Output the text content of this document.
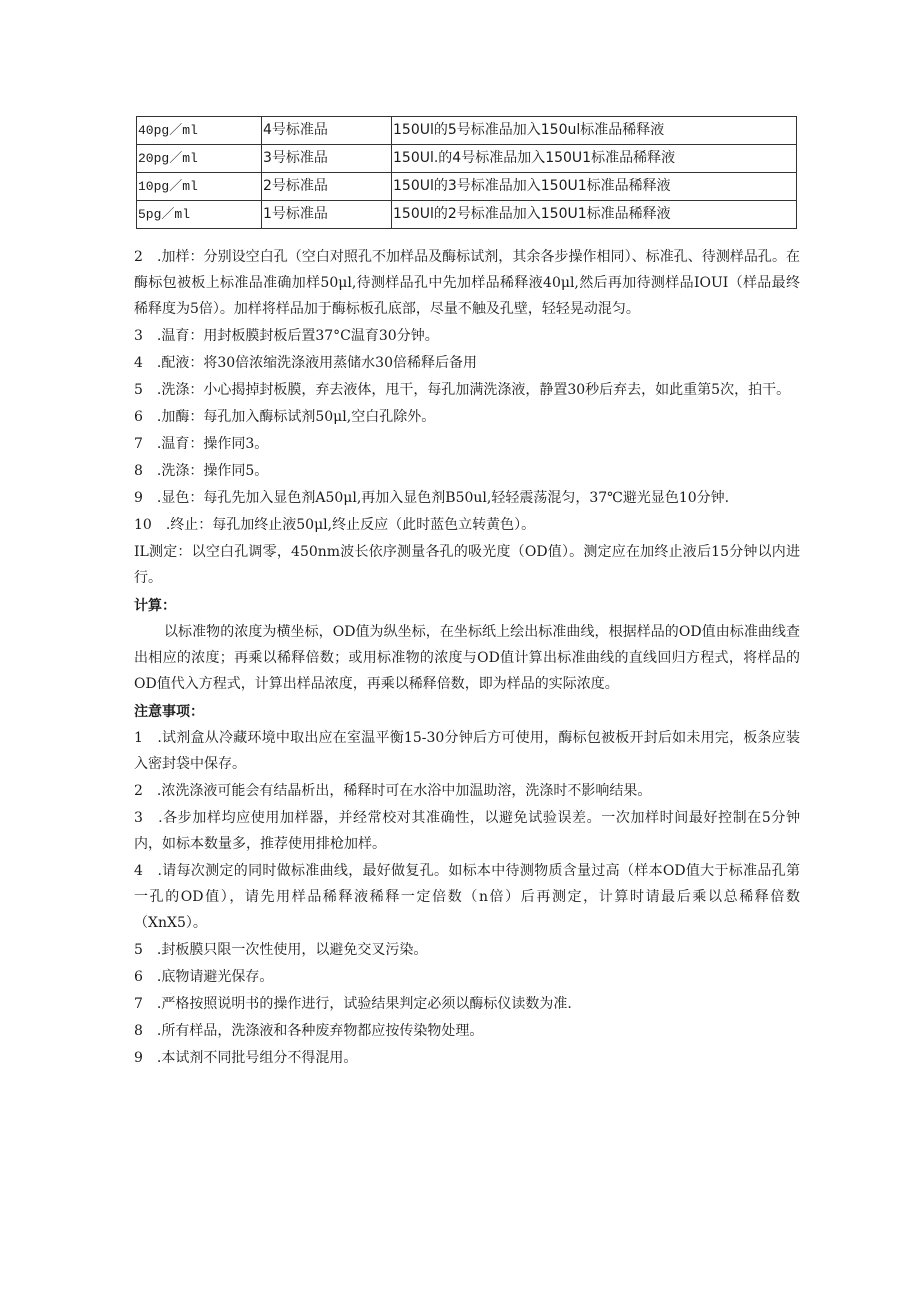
40pg／ml	4号标准品	150Ul的5号标准品加入150ul标准品稀释液
20pg／ml	3号标准品	150Ul.的4号标准品加入150U1标准品稀释液
10pg／ml	2号标准品	150Ul的3号标准品加入150U1标准品稀释液
5pg／ml	1号标准品	150Ul的2号标准品加入150U1标准品稀释液

2　.加样：分别设空白孔（空白对照孔不加样品及酶标试剂，其余各步操作相同）、标准孔、待测样品孔。在酶标包被板上标准品准确加样50μl,待测样品孔中先加样品稀释液40μl,然后再加待测样品IOUI（样品最终稀释度为5倍）。加样将样品加于酶标板孔底部，尽量不触及孔壁，轻轻晃动混匀。

3　.温育：用封板膜封板后置37°C温育30分钟。

4　.配液：将30倍浓缩洗涤液用蒸储水30倍稀释后备用

5　.洗涤：小心揭掉封板膜，弃去液体，甩干，每孔加满洗涤液，静置30秒后弃去，如此重第5次，拍干。

6　.加酶：每孔加入酶标试剂50μl,空白孔除外。

7　.温育：操作同3。

8　.洗涤：操作同5。

9　.显色：每孔先加入显色剂A50μl,再加入显色剂B50ul,轻轻震荡混匀，37℃避光显色10分钟.

10　.终止：每孔加终止液50μl,终止反应（此时蓝色立转黄色）。

IL测定：以空白孔调零，450nm波长依序测量各孔的吸光度（OD值）。测定应在加终止液后15分钟以内进行。

计算：

以标准物的浓度为横坐标，OD值为纵坐标，在坐标纸上绘出标准曲线，根据样品的OD值由标准曲线查出相应的浓度；再乘以稀释倍数；或用标准物的浓度与OD值计算出标准曲线的直线回归方程式，将样品的OD值代入方程式，计算出样品浓度，再乘以稀释倍数，即为样品的实际浓度。

注意事项：

1　.试剂盒从冷藏环境中取出应在室温平衡15-30分钟后方可使用，酶标包被板开封后如未用完，板条应装入密封袋中保存。

2　.浓洗涤液可能会有结晶析出，稀释时可在水浴中加温助溶，洗涤时不影响结果。

3　.各步加样均应使用加样器，并经常校对其准确性，以避免试验误差。一次加样时间最好控制在5分钟内，如标本数量多，推荐使用排枪加样。

4　.请每次测定的同时做标准曲线，最好做复孔。如标本中待测物质含量过高（样本OD值大于标准品孔第一孔的OD值），请先用样品稀释液稀释一定倍数（n倍）后再测定，计算时请最后乘以总稀释倍数（XnX5）。

5　.封板膜只限一次性使用，以避免交叉污染。

6　.底物请避光保存。

7　.严格按照说明书的操作进行，试验结果判定必须以酶标仪读数为准.

8　.所有样品，洗涤液和各种废弃物都应按传染物处理。

9　.本试剂不同批号组分不得混用。
